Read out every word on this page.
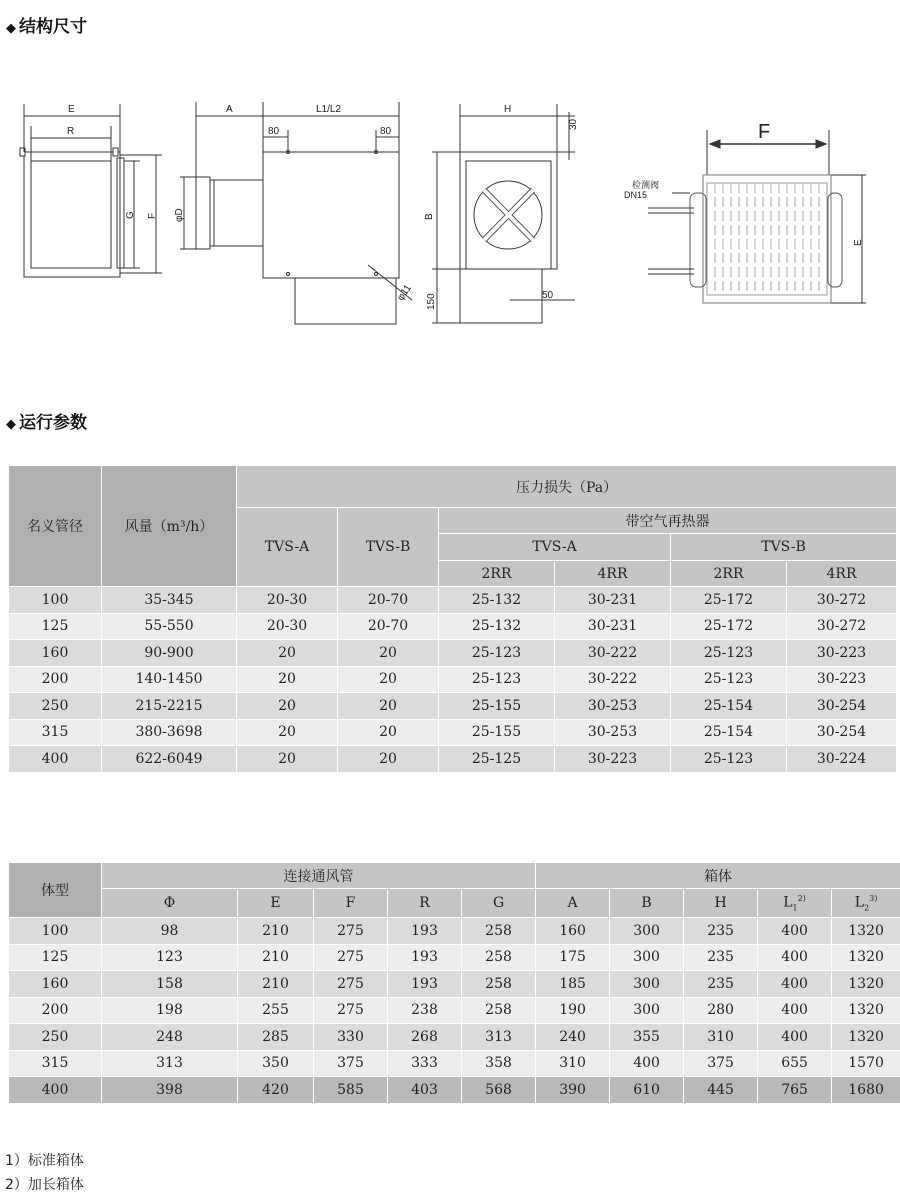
◆ 结构尺寸
E
R
G F
A	L1/L2
80	80
φD
φ11
H
30
B
150	50
F
检测阀
DN15
E
◆ 运行参数
名义管径	风量（m³/h）	压力损失（Pa）					
		TVS-A	TVS-B	带空气再热器			
				TVS-A		TVS-B	
				2RR	4RR	2RR	4RR
100	35-345	20-30	20-70	25-132	30-231	25-172	30-272
125	55-550	20-30	20-70	25-132	30-231	25-172	30-272
160	90-900	20	20	25-123	30-222	25-123	30-223
200	140-1450	20	20	25-123	30-222	25-123	30-223
250	215-2215	20	20	25-155	30-253	25-154	30-254
315	380-3698	20	20	25-155	30-253	25-154	30-254
400	622-6049	20	20	25-125	30-223	25-123	30-224
体型	连接通风管					箱体				
	Φ	E	F	R	G	A	B	H	$L_1^{2)}$	$L_2^{3)}$
100	98	210	275	193	258	160	300	235	400	1320
125	123	210	275	193	258	175	300	235	400	1320
160	158	210	275	193	258	185	300	235	400	1320
200	198	255	275	238	258	190	300	280	400	1320
250	248	285	330	268	313	240	355	310	400	1320
315	313	350	375	333	358	310	400	375	655	1570
400	398	420	585	403	568	390	610	445	765	1680
1）标准箱体
2）加长箱体
